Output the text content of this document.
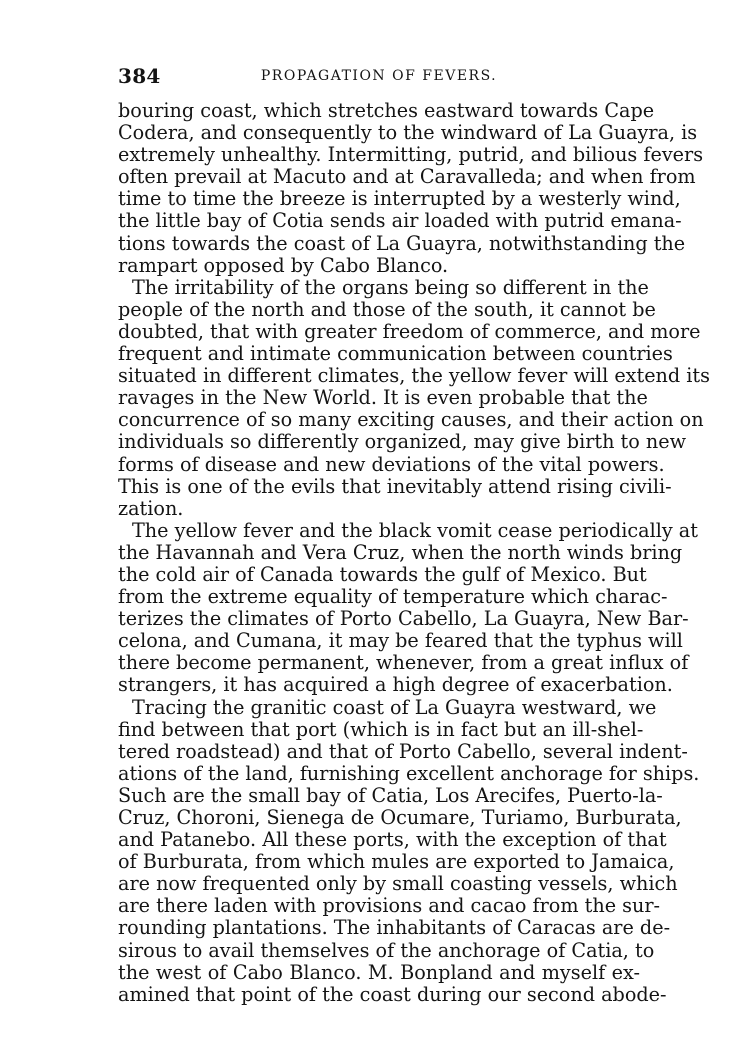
384	PROPAGATION OF FEVERS.
bouring coast, which stretches eastward towards Cape
Codera, and consequently to the windward of La Guayra, is
extremely unhealthy. Intermitting, putrid, and bilious fevers
often prevail at Macuto and at Caravalleda; and when from
time to time the breeze is interrupted by a westerly wind,
the little bay of Cotia sends air loaded with putrid emana-
tions towards the coast of La Guayra, notwithstanding the
rampart opposed by Cabo Blanco.
The irritability of the organs being so different in the
people of the north and those of the south, it cannot be
doubted, that with greater freedom of commerce, and more
frequent and intimate communication between countries
situated in different climates, the yellow fever will extend its
ravages in the New World. It is even probable that the
concurrence of so many exciting causes, and their action on
individuals so differently organized, may give birth to new
forms of disease and new deviations of the vital powers.
This is one of the evils that inevitably attend rising civili-
zation.
The yellow fever and the black vomit cease periodically at
the Havannah and Vera Cruz, when the north winds bring
the cold air of Canada towards the gulf of Mexico. But
from the extreme equality of temperature which charac-
terizes the climates of Porto Cabello, La Guayra, New Bar-
celona, and Cumana, it may be feared that the typhus will
there become permanent, whenever, from a great influx of
strangers, it has acquired a high degree of exacerbation.
Tracing the granitic coast of La Guayra westward, we
find between that port (which is in fact but an ill-shel-
tered roadstead) and that of Porto Cabello, several indent-
ations of the land, furnishing excellent anchorage for ships.
Such are the small bay of Catia, Los Arecifes, Puerto-la-
Cruz, Choroni, Sienega de Ocumare, Turiamo, Burburata,
and Patanebo. All these ports, with the exception of that
of Burburata, from which mules are exported to Jamaica,
are now frequented only by small coasting vessels, which
are there laden with provisions and cacao from the sur-
rounding plantations. The inhabitants of Caracas are de-
sirous to avail themselves of the anchorage of Catia, to
the west of Cabo Blanco. M. Bonpland and myself ex-
amined that point of the coast during our second abode-
